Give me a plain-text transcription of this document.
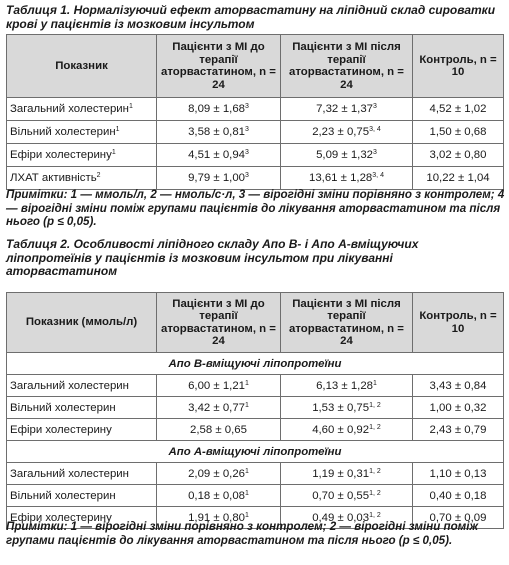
Таблиця 1. Нормалізуючий ефект аторвастатину на ліпідний склад сироватки крові у пацієнтів із мозковим інсультом
Показник	Пацієнти з МІ до терапії аторвастатином, n = 24	Пацієнти з МІ після терапії аторвастатином, n = 24	Контроль, n = 10
Загальний холестерин$^1$	$8,09 \pm 1,68^3$	$7,32 \pm 1,37^3$	4,52 ± 1,02
Вільний холестерин$^1$	$3,58 \pm 0,81^3$	$2,23 \pm 0,75^{3, 4}$	1,50 ± 0,68
Ефіри холестерину$^1$	$4,51 \pm 0,94^3$	$5,09 \pm 1,32^3$	3,02 ± 0,80
ЛХАТ активність$^2$	$9,79 \pm 1,00^3$	$13,61 \pm 1,28^{3, 4}$	10,22 ± 1,04
Примітки: 1 — ммоль/л, 2 — нмоль/с·л, 3 — вірогідні зміни порівняно з контролем; 4 — вірогідні зміни поміж групами пацієнтів до лікування аторвастатином та після нього (р ≤ 0,05).
Таблиця 2. Особливості ліпідного складу Апо В- і Апо А-вміщуючих ліпопротеїнів у пацієнтів із мозковим інсультом при лікуванні аторвастатином
Показник (ммоль/л)	Пацієнти з МІ до терапії аторвастатином, n = 24	Пацієнти з МІ після терапії аторвастатином, n = 24	Контроль, n = 10
Апо В-вміщуючі ліпопротеїни			
Загальний холестерин	$6,00 \pm 1,21^1$	$6,13 \pm 1,28^1$	3,43 ± 0,84
Вільний холестерин	$3,42 \pm 0,77^1$	$1,53 \pm 0,75^{1, 2}$	1,00 ± 0,32
Ефіри холестерину	2,58 ± 0,65	$4,60 \pm 0,92^{1, 2}$	2,43 ± 0,79
Апо А-вміщуючі ліпопротеїни			
Загальний холестерин	$2,09 \pm 0,26^1$	$1,19 \pm 0,31^{1, 2}$	1,10 ± 0,13
Вільний холестерин	$0,18 \pm 0,08^1$	$0,70 \pm 0,55^{1, 2}$	0,40 ± 0,18
Ефіри холестерину	$1,91 \pm 0,80^1$	$0,49 \pm 0,03^{1, 2}$	0,70 ± 0,09
Примітки: 1 — вірогідні зміни порівняно з контролем; 2 — вірогідні зміни поміж групами пацієнтів до лікування аторвастатином та після нього (р ≤ 0,05).
